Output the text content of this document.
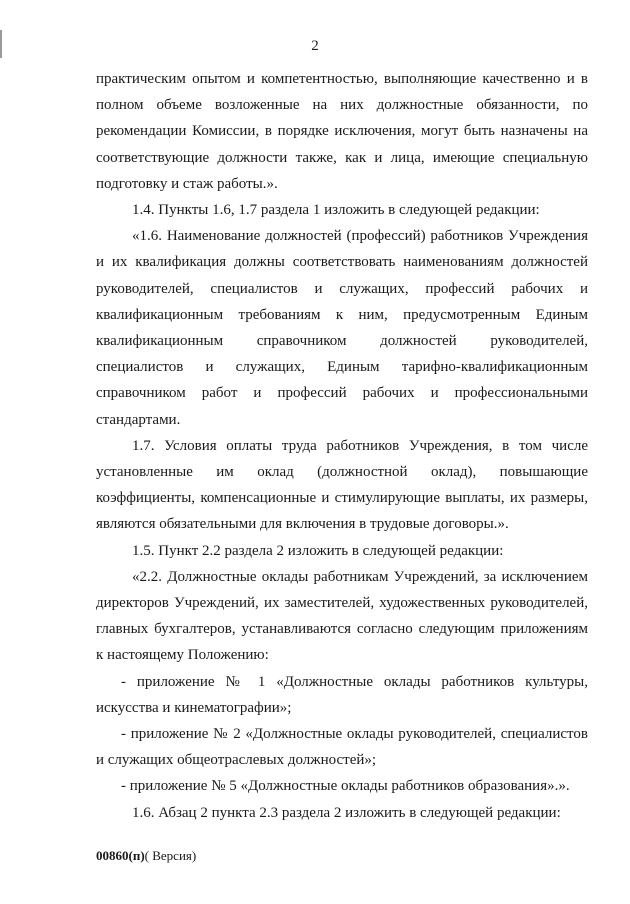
2

практическим опытом и компетентностью, выполняющие качественно и в полном объеме возложенные на них должностные обязанности, по рекомендации Комиссии, в порядке исключения, могут быть назначены на соответствующие должности также, как и лица, имеющие специальную подготовку и стаж работы.».

1.4. Пункты 1.6, 1.7 раздела 1 изложить в следующей редакции:

«1.6. Наименование должностей (профессий) работников Учреждения и их квалификация должны соответствовать наименованиям должностей руководителей, специалистов и служащих, профессий рабочих и квалификационным требованиям к ним, предусмотренным Единым квалификационным справочником должностей руководителей, специалистов и служащих, Единым тарифно-квалификационным справочником работ и профессий рабочих и профессиональными стандартами.

1.7. Условия оплаты труда работников Учреждения, в том числе установленные им оклад (должностной оклад), повышающие коэффициенты, компенсационные и стимулирующие выплаты, их размеры, являются обязательными для включения в трудовые договоры.».

1.5. Пункт 2.2 раздела 2 изложить в следующей редакции:

«2.2. Должностные оклады работникам Учреждений, за исключением директоров Учреждений, их заместителей, художественных руководителей, главных бухгалтеров, устанавливаются согласно следующим приложениям к настоящему Положению:

- приложение № 1 «Должностные оклады работников культуры, искусства и кинематографии»;

- приложение № 2 «Должностные оклады руководителей, специалистов и служащих общеотраслевых должностей»;

- приложение № 5 «Должностные оклады работников образования».».

1.6. Абзац 2 пункта 2.3 раздела 2 изложить в следующей редакции:

00860(п)( Версия)
